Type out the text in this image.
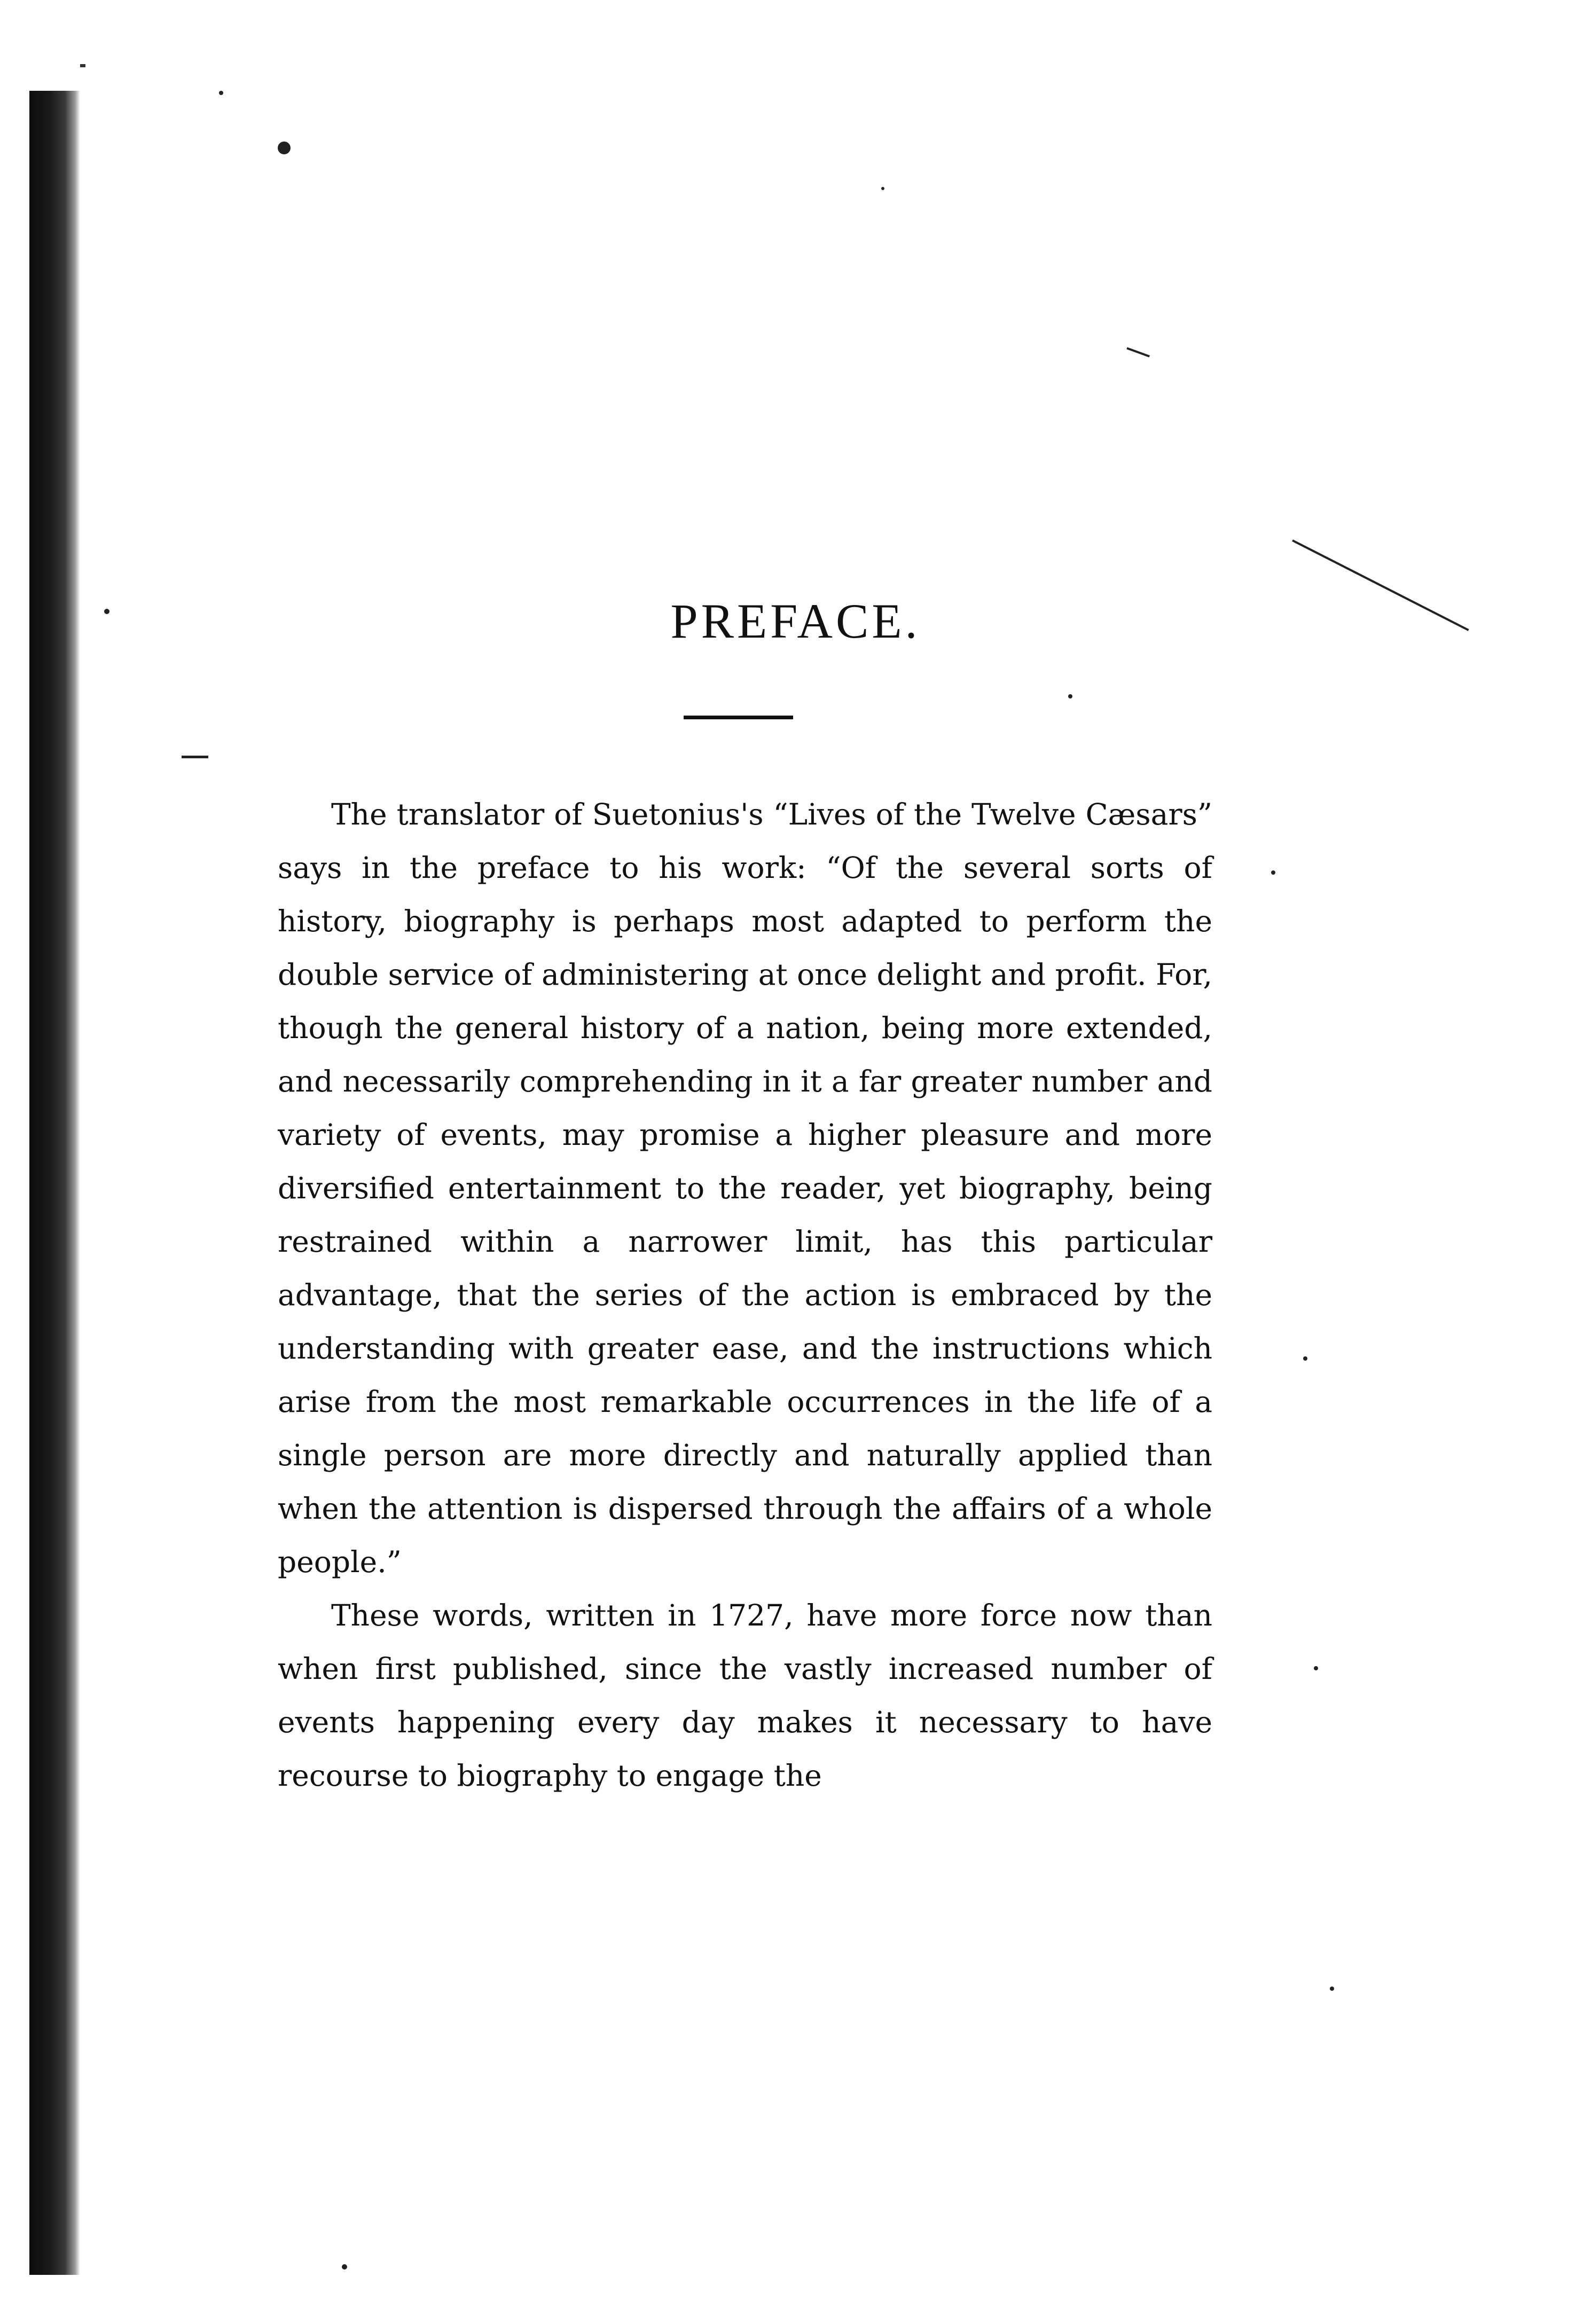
PREFACE.

The translator of Suetonius's “Lives of the Twelve Cæsars” says in the preface to his work: “Of the several sorts of history, biography is perhaps most adapted to perform the double service of administering at once delight and profit. For, though the general history of a nation, being more extended, and necessarily comprehending in it a far greater number and variety of events, may promise a higher pleasure and more diversified entertainment to the reader, yet biography, being restrained within a narrower limit, has this particular advantage, that the series of the action is embraced by the understanding with greater ease, and the instructions which arise from the most remarkable occurrences in the life of a single person are more directly and naturally applied than when the attention is dispersed through the affairs of a whole people.”

These words, written in 1727, have more force now than when first published, since the vastly increased number of events happening every day makes it necessary to have recourse to biography to engage the
